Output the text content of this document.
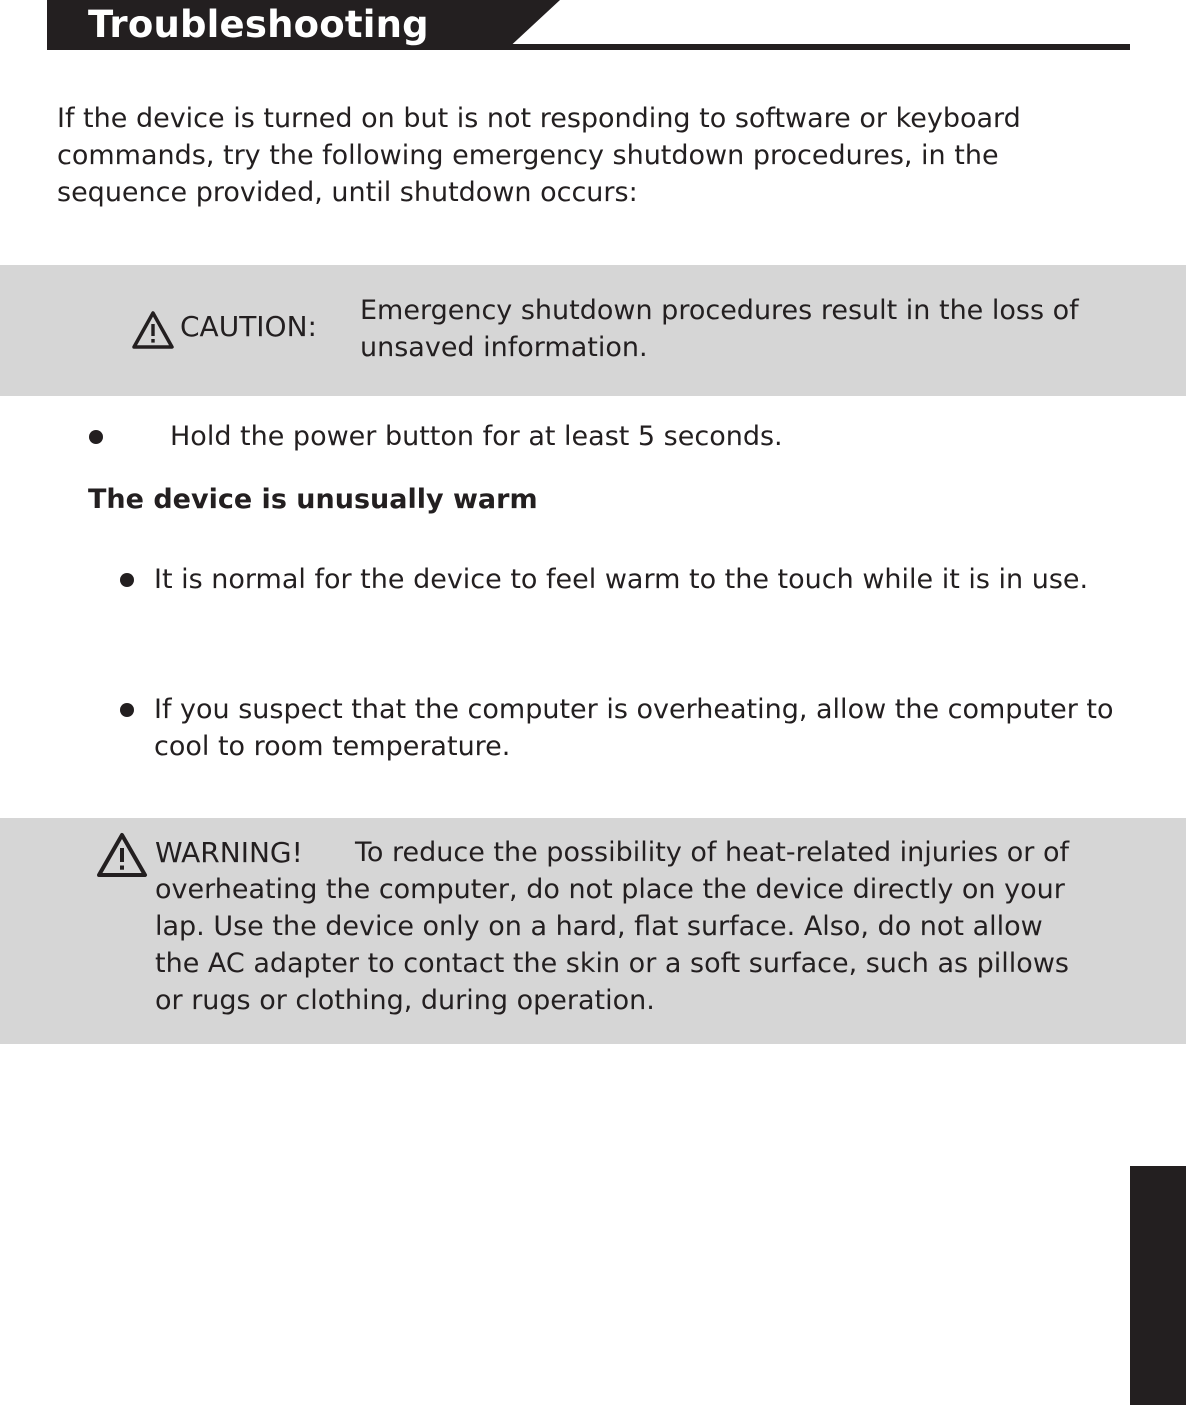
Troubleshooting

If the device is turned on but is not responding to software or keyboard commands, try the following emergency shutdown procedures, in the sequence provided, until shutdown occurs:

CAUTION: Emergency shutdown procedures result in the loss of unsaved information.
Hold the power button for at least 5 seconds.
The device is unusually warm
It is normal for the device to feel warm to the touch while it is in use.
If you suspect that the computer is overheating, allow the computer to cool to room temperature.
WARNING!	To reduce the possibility of heat-related injuries or of overheating the computer, do not place the device directly on your lap. Use the device only on a hard, flat surface. Also, do not allow the AC adapter to contact the skin or a soft surface, such as pillows or rugs or clothing, during operation.
